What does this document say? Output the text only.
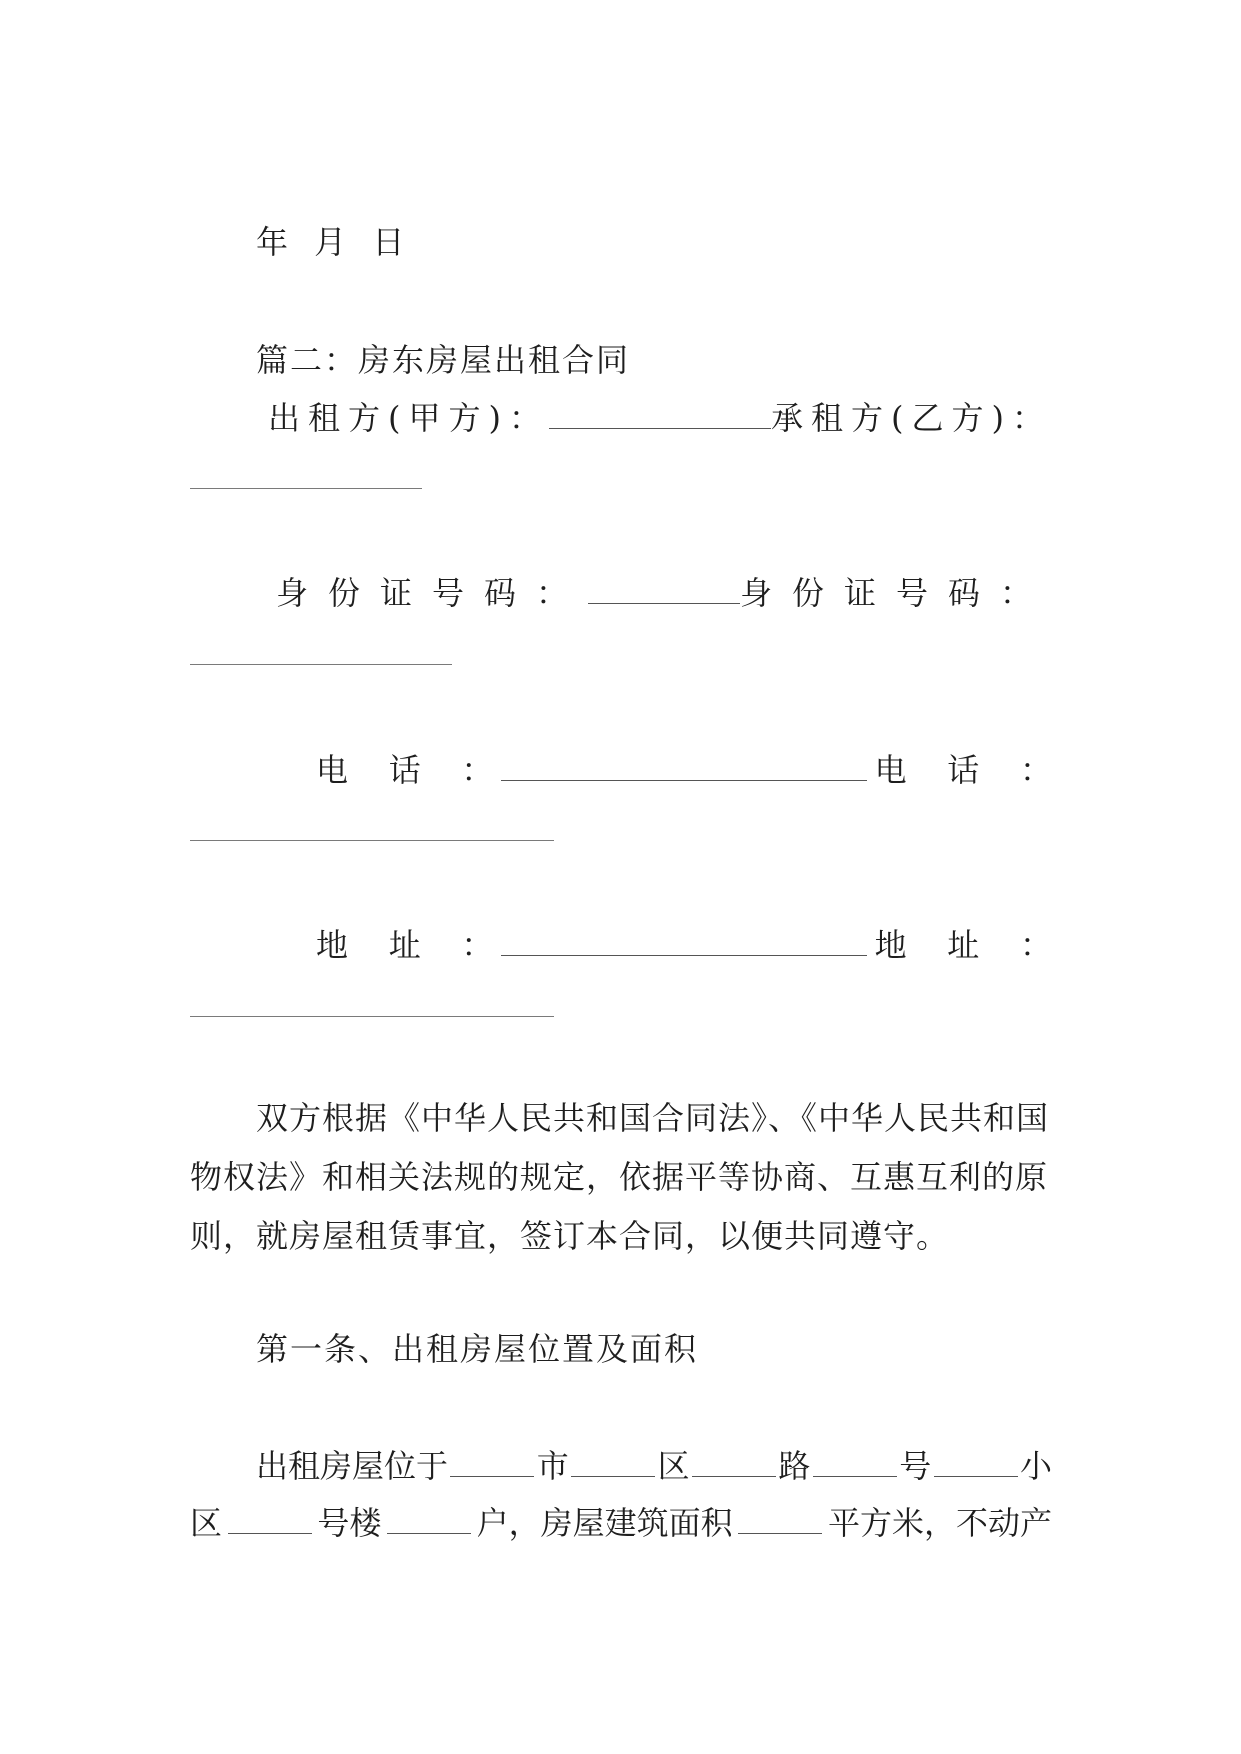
年 月 日
篇二：房东房屋出租合同
出租方(甲方)：	承租方(乙方)：
身份证号码：	身份证号码：
电    话    ：	电    话    ：
地    址    ：	地    址    ：
双方根据《中华人民共和国合同法》、《中华人民共和国
物权法》和相关法规的规定，依据平等协商、互惠互利的原
则，就房屋租赁事宜，签订本合同，以便共同遵守。
第一条、出租房屋位置及面积
出租房屋位于	市	区	路	号	小
区	号楼	户，房屋建筑面积	平方米，不动产
